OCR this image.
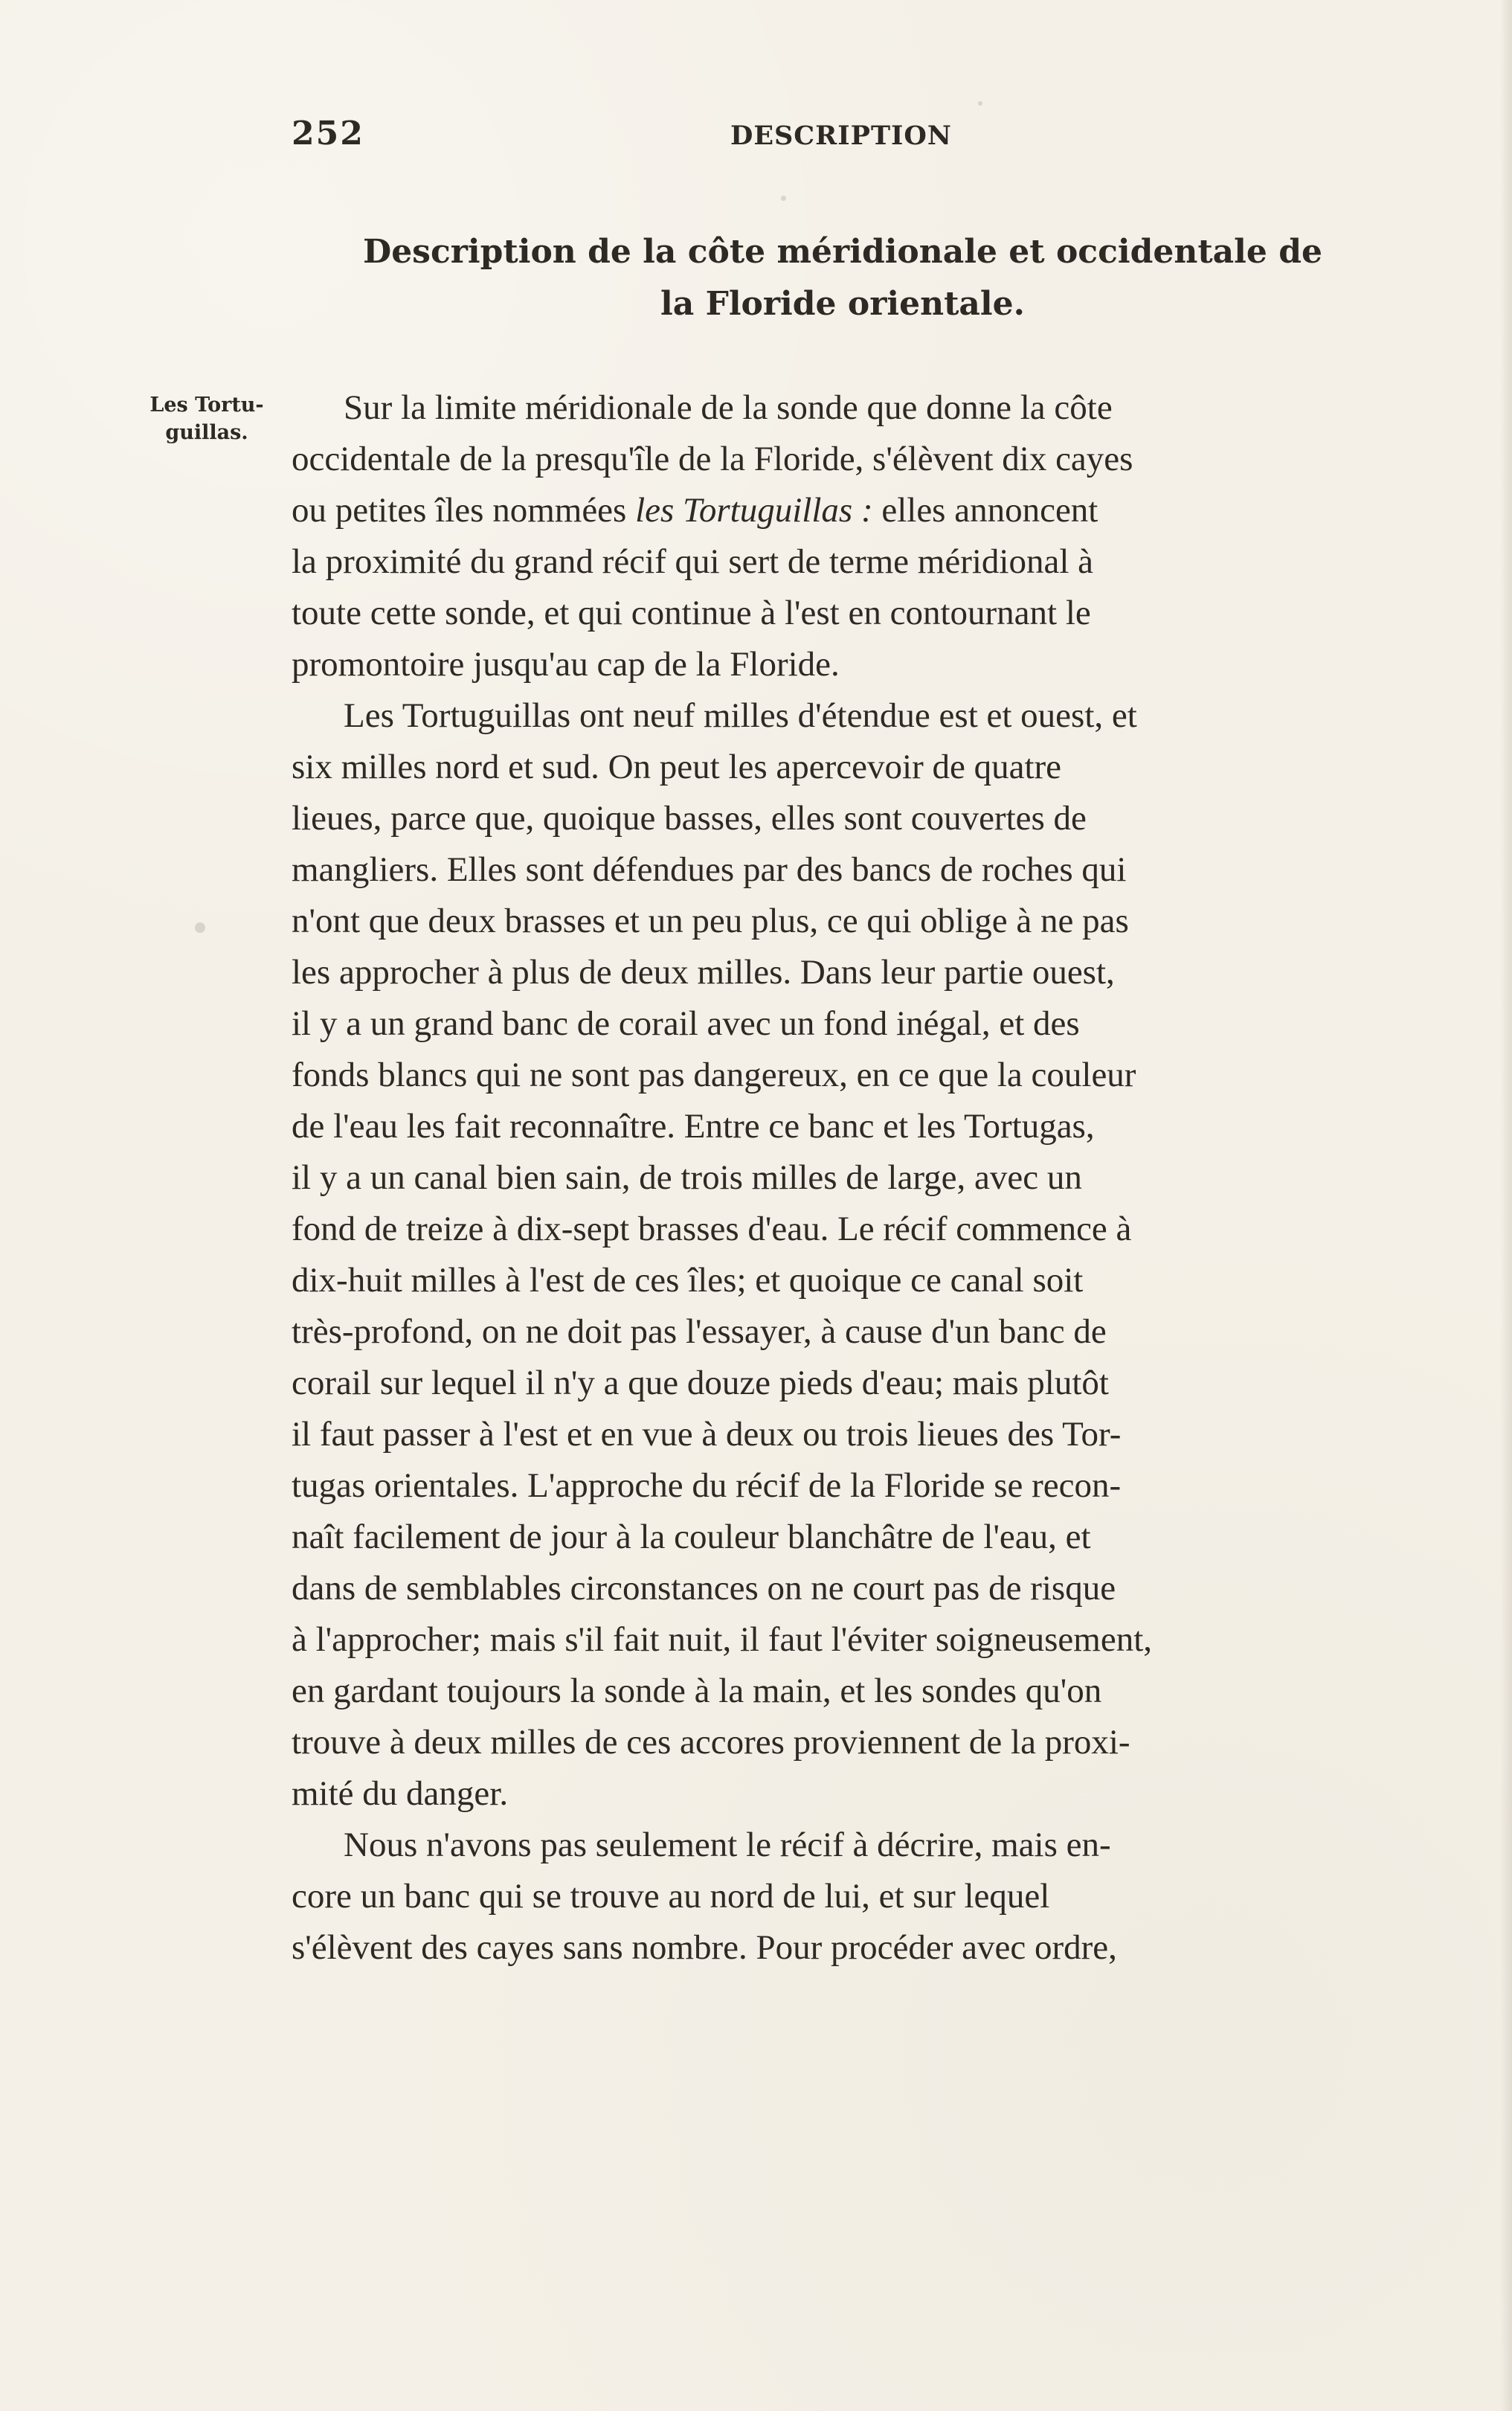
252	DESCRIPTION
Description de la côte méridionale et occidentale de
la Floride orientale.
Les Tortu-
guillas.
Sur la limite méridionale de la sonde que donne la côte
occidentale de la presqu'île de la Floride, s'élèvent dix cayes
ou petites îles nommées les Tortuguillas : elles annoncent
la proximité du grand récif qui sert de terme méridional à
toute cette sonde, et qui continue à l'est en contournant le
promontoire jusqu'au cap de la Floride.
Les Tortuguillas ont neuf milles d'étendue est et ouest, et
six milles nord et sud. On peut les apercevoir de quatre
lieues, parce que, quoique basses, elles sont couvertes de
mangliers. Elles sont défendues par des bancs de roches qui
n'ont que deux brasses et un peu plus, ce qui oblige à ne pas
les approcher à plus de deux milles. Dans leur partie ouest,
il y a un grand banc de corail avec un fond inégal, et des
fonds blancs qui ne sont pas dangereux, en ce que la couleur
de l'eau les fait reconnaître. Entre ce banc et les Tortugas,
il y a un canal bien sain, de trois milles de large, avec un
fond de treize à dix-sept brasses d'eau. Le récif commence à
dix-huit milles à l'est de ces îles; et quoique ce canal soit
très-profond, on ne doit pas l'essayer, à cause d'un banc de
corail sur lequel il n'y a que douze pieds d'eau; mais plutôt
il faut passer à l'est et en vue à deux ou trois lieues des Tor-
tugas orientales. L'approche du récif de la Floride se recon-
naît facilement de jour à la couleur blanchâtre de l'eau, et
dans de semblables circonstances on ne court pas de risque
à l'approcher; mais s'il fait nuit, il faut l'éviter soigneusement,
en gardant toujours la sonde à la main, et les sondes qu'on
trouve à deux milles de ces accores proviennent de la proxi-
mité du danger.
Nous n'avons pas seulement le récif à décrire, mais en-
core un banc qui se trouve au nord de lui, et sur lequel
s'élèvent des cayes sans nombre. Pour procéder avec ordre,
